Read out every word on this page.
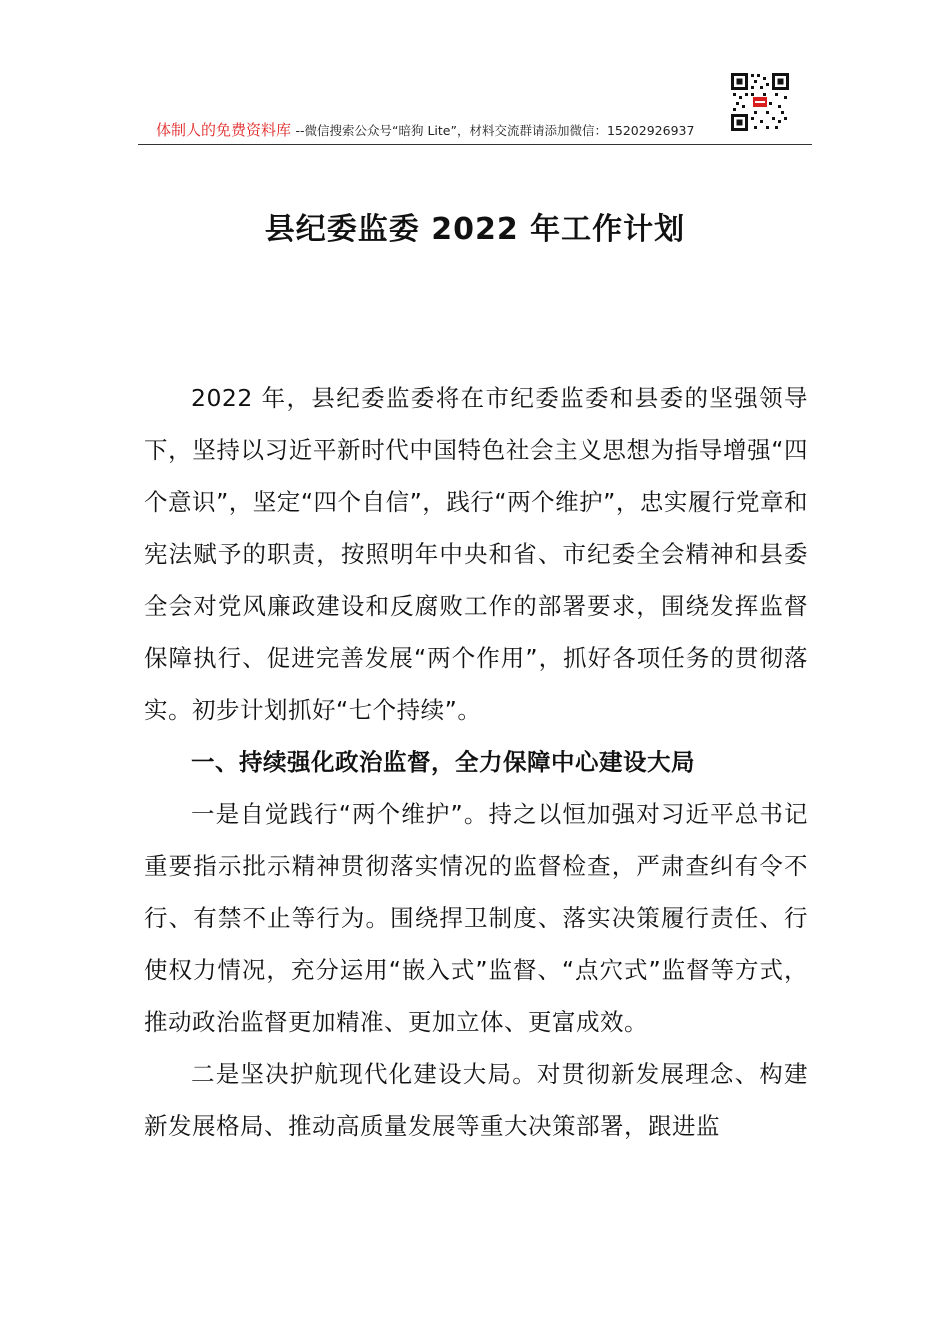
体制人的免费资料库 --微信搜索公众号“暗狗 Lite”，材料交流群请添加微信：15202926937
县纪委监委 2022 年工作计划

2022 年，县纪委监委将在市纪委监委和县委的坚强领导下，坚持以习近平新时代中国特色社会主义思想为指导增强“四个意识”，坚定“四个自信”，践行“两个维护”，忠实履行党章和宪法赋予的职责，按照明年中央和省、市纪委全会精神和县委全会对党风廉政建设和反腐败工作的部署要求，围绕发挥监督保障执行、促进完善发展“两个作用”，抓好各项任务的贯彻落实。初步计划抓好“七个持续”。

一、持续强化政治监督，全力保障中心建设大局

一是自觉践行“两个维护”。持之以恒加强对习近平总书记重要指示批示精神贯彻落实情况的监督检查，严肃查纠有令不行、有禁不止等行为。围绕捍卫制度、落实决策履行责任、行使权力情况，充分运用“嵌入式”监督、“点穴式”监督等方式，推动政治监督更加精准、更加立体、更富成效。

二是坚决护航现代化建设大局。对贯彻新发展理念、构建新发展格局、推动高质量发展等重大决策部署，跟进监
